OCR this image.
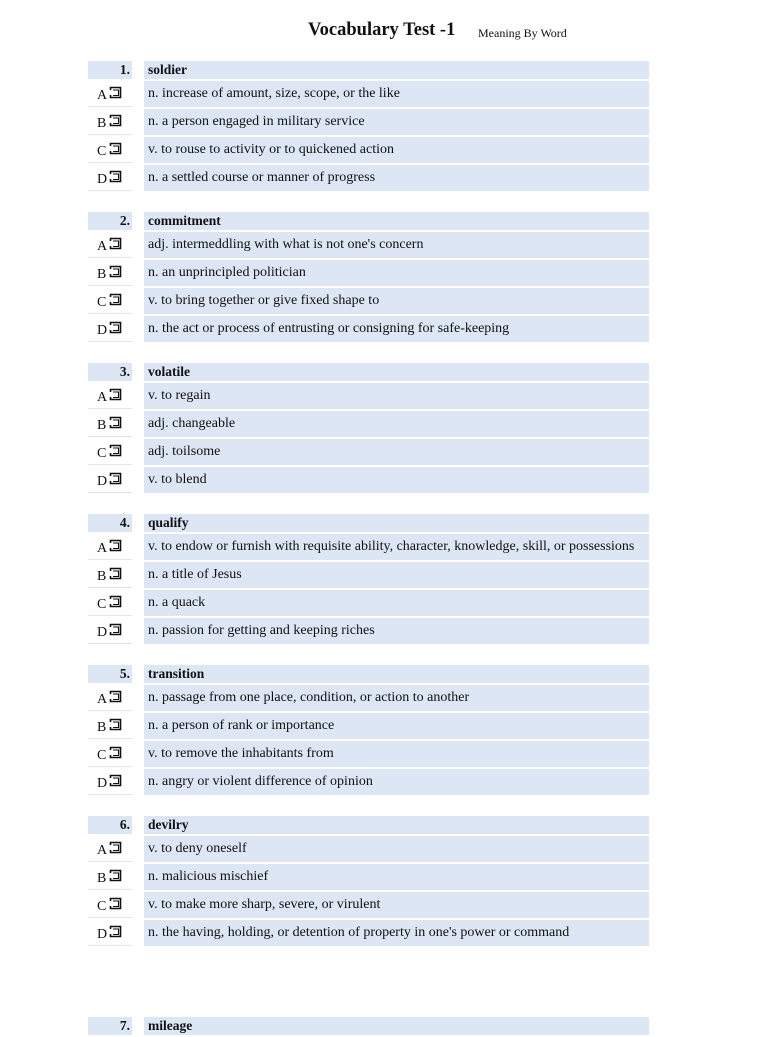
Vocabulary Test -1 Meaning By Word
1. soldier
A	n. increase of amount, size, scope, or the like
B	n. a person engaged in military service
C	v. to rouse to activity or to quickened action
D	n. a settled course or manner of progress
2. commitment
A	adj. intermeddling with what is not one's concern
B	n. an unprincipled politician
C	v. to bring together or give fixed shape to
D	n. the act or process of entrusting or consigning for safe-keeping
3. volatile
A	v. to regain
B	adj. changeable
C	adj. toilsome
D	v. to blend
4. qualify
A	v. to endow or furnish with requisite ability, character, knowledge, skill, or possessions
B	n. a title of Jesus
C	n. a quack
D	n. passion for getting and keeping riches
5. transition
A	n. passage from one place, condition, or action to another
B	n. a person of rank or importance
C	v. to remove the inhabitants from
D	n. angry or violent difference of opinion
6. devilry
A	v. to deny oneself
B	n. malicious mischief
C	v. to make more sharp, severe, or virulent
D	n. the having, holding, or detention of property in one's power or command
7. mileage
